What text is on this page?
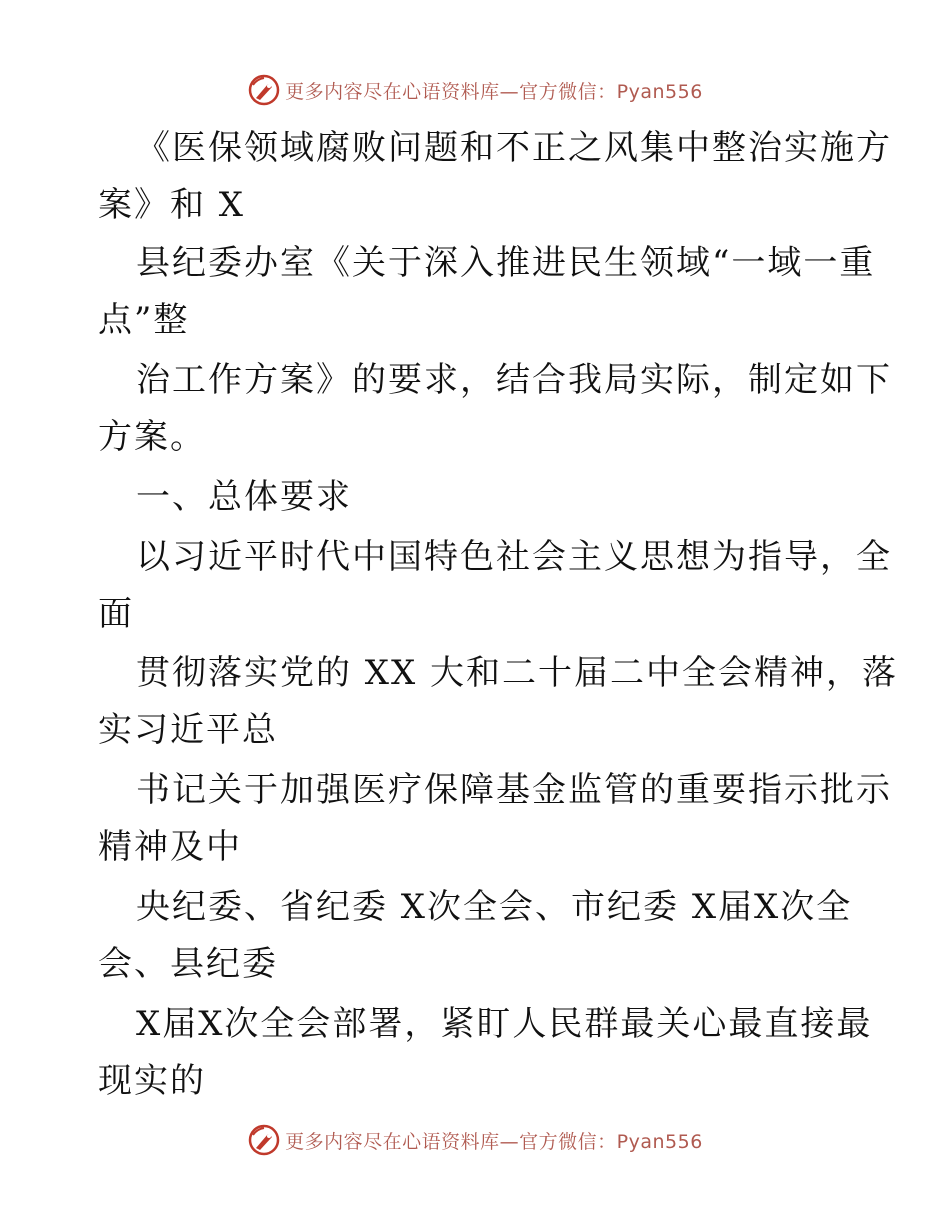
更多内容尽在心语资料库—官方微信：Pyan556
《医保领域腐败问题和不正之风集中整治实施方
案》和 X
县纪委办室《关于深入推进民生领域“一域一重
点”整
治工作方案》的要求，结合我局实际，制定如下
方案。
一、总体要求
以习近平时代中国特色社会主义思想为指导，全
面
贯彻落实党的 XX 大和二十届二中全会精神，落
实习近平总
书记关于加强医疗保障基金监管的重要指示批示
精神及中
央纪委、省纪委 X次全会、市纪委 X届X次全
会、县纪委
X届X次全会部署，紧盯人民群最关心最直接最
现实的
更多内容尽在心语资料库—官方微信：Pyan556
